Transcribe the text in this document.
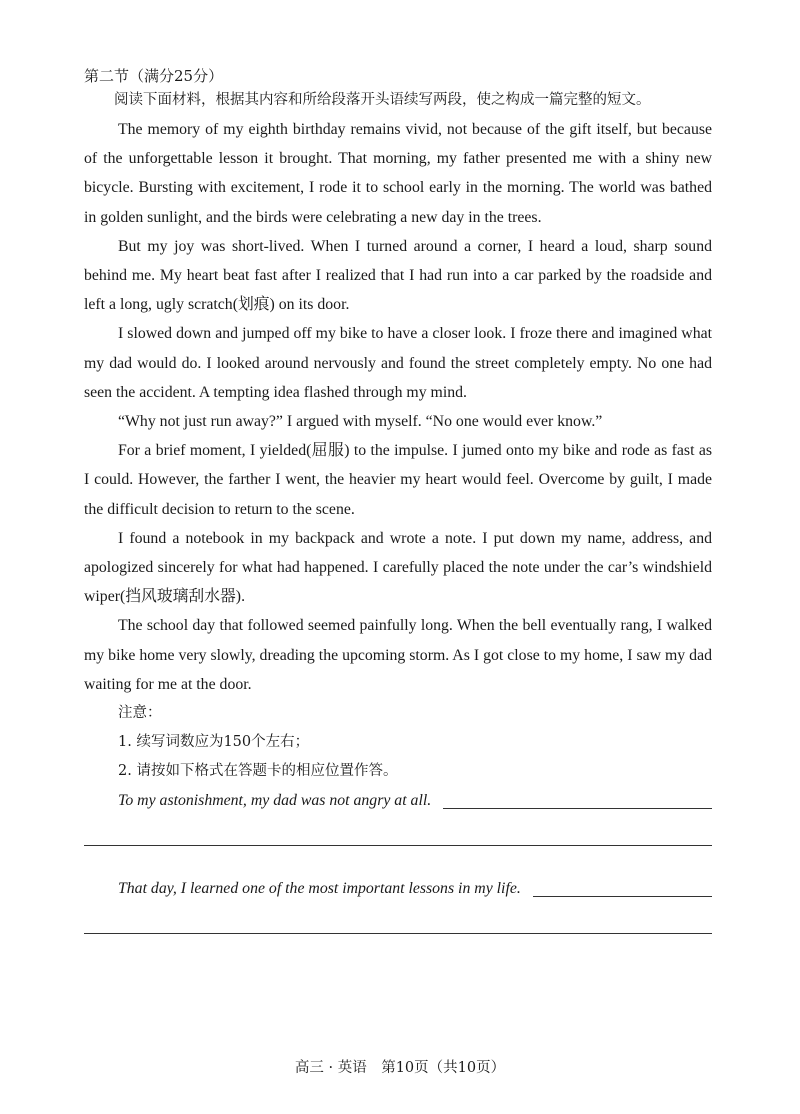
第二节（满分25分）

阅读下面材料，根据其内容和所给段落开头语续写两段，使之构成一篇完整的短文。

The memory of my eighth birthday remains vivid, not because of the gift itself, but because of the unforgettable lesson it brought. That morning, my father presented me with a shiny new bicycle. Bursting with excitement, I rode it to school early in the morning. The world was bathed in golden sunlight, and the birds were celebrating a new day in the trees.

But my joy was short-lived. When I turned around a corner, I heard a loud, sharp sound behind me. My heart beat fast after I realized that I had run into a car parked by the roadside and left a long, ugly scratch(划痕) on its door.

I slowed down and jumped off my bike to have a closer look. I froze there and imagined what my dad would do. I looked around nervously and found the street completely empty. No one had seen the accident. A tempting idea flashed through my mind.

“Why not just run away?” I argued with myself. “No one would ever know.”

For a brief moment, I yielded(屈服) to the impulse. I jumed onto my bike and rode as fast as I could. However, the farther I went, the heavier my heart would feel. Overcome by guilt, I made the difficult decision to return to the scene.

I found a notebook in my backpack and wrote a note. I put down my name, address, and apologized sincerely for what had happened. I carefully placed the note under the car’s windshield wiper(挡风玻璃刮水器).

The school day that followed seemed painfully long. When the bell eventually rang, I walked my bike home very slowly, dreading the upcoming storm. As I got close to my home, I saw my dad waiting for me at the door.

注意：

1. 续写词数应为150个左右；

2. 请按如下格式在答题卡的相应位置作答。

To my astonishment, my dad was not angry at all.
That day, I learned one of the most important lessons in my life.
高三 · 英语　第10页（共10页）
